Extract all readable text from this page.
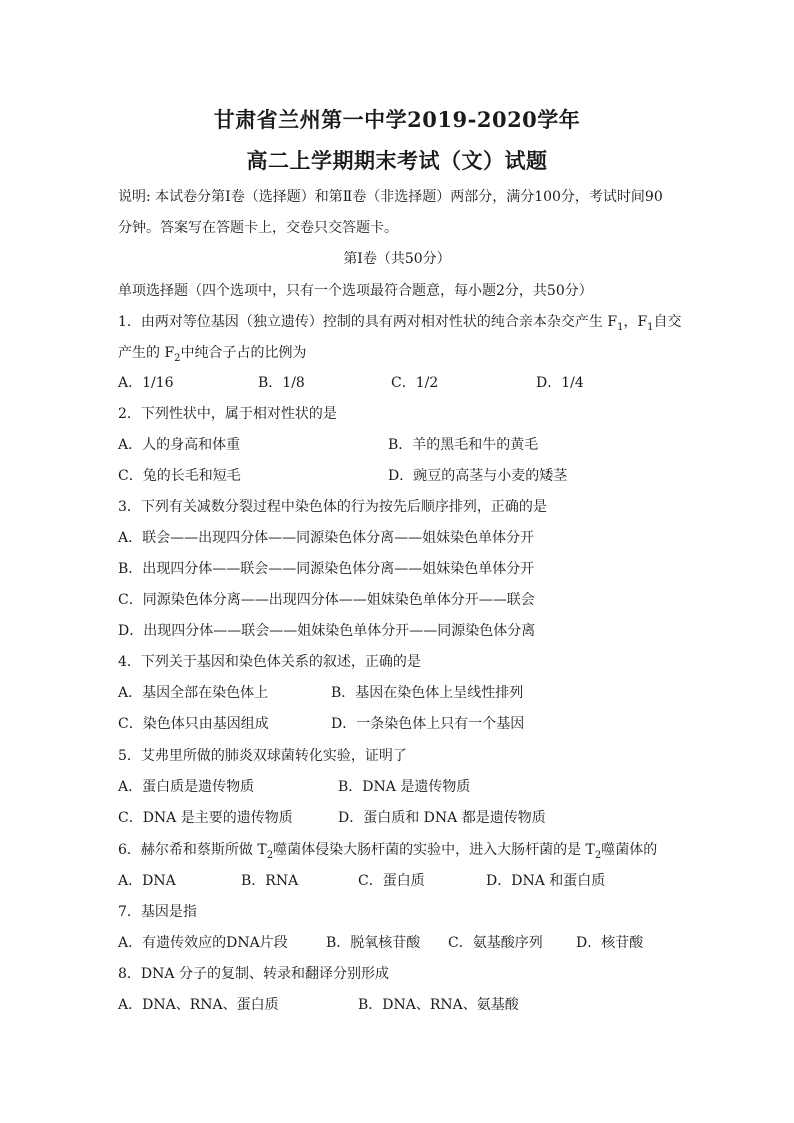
甘肃省兰州第一中学2019-2020学年
高二上学期期末考试（文）试题
说明: 本试卷分第Ⅰ卷（选择题）和第Ⅱ卷（非选择题）两部分，满分100分，考试时间90
分钟。答案写在答题卡上，交卷只交答题卡。
第Ⅰ卷（共50分）
单项选择题（四个选项中，只有一个选项最符合题意，每小题2分，共50分）
1．由两对等位基因（独立遗传）控制的具有两对相对性状的纯合亲本杂交产生 $F_1$，$F_1$自交
产生的 $F_2$中纯合子占的比例为
A．1/16	B．1/8	C．1/2	D．1/4
2．下列性状中，属于相对性状的是
A．人的身高和体重	B．羊的黑毛和牛的黄毛
C．兔的长毛和短毛	D．豌豆的高茎与小麦的矮茎
3．下列有关减数分裂过程中染色体的行为按先后顺序排列，正确的是
A．联会——出现四分体——同源染色体分离——姐妹染色单体分开
B．出现四分体——联会——同源染色体分离——姐妹染色单体分开
C．同源染色体分离——出现四分体——姐妹染色单体分开——联会
D．出现四分体——联会——姐妹染色单体分开——同源染色体分离
4．下列关于基因和染色体关系的叙述，正确的是
A．基因全部在染色体上	B．基因在染色体上呈线性排列
C．染色体只由基因组成	D．一条染色体上只有一个基因
5．艾弗里所做的肺炎双球菌转化实验，证明了
A．蛋白质是遗传物质	B．DNA 是遗传物质
C．DNA 是主要的遗传物质	D．蛋白质和 DNA 都是遗传物质
6．赫尔希和蔡斯所做 $T_2$噬菌体侵染大肠杆菌的实验中，进入大肠杆菌的是 $T_2$噬菌体的
A．DNA	B．RNA	C．蛋白质	D．DNA 和蛋白质
7．基因是指
A．有遗传效应的DNA片段	B．脱氧核苷酸 C．氨基酸序列 D．核苷酸
8．DNA 分子的复制、转录和翻译分别形成
A．DNA、RNA、蛋白质	B．DNA、RNA、氨基酸
